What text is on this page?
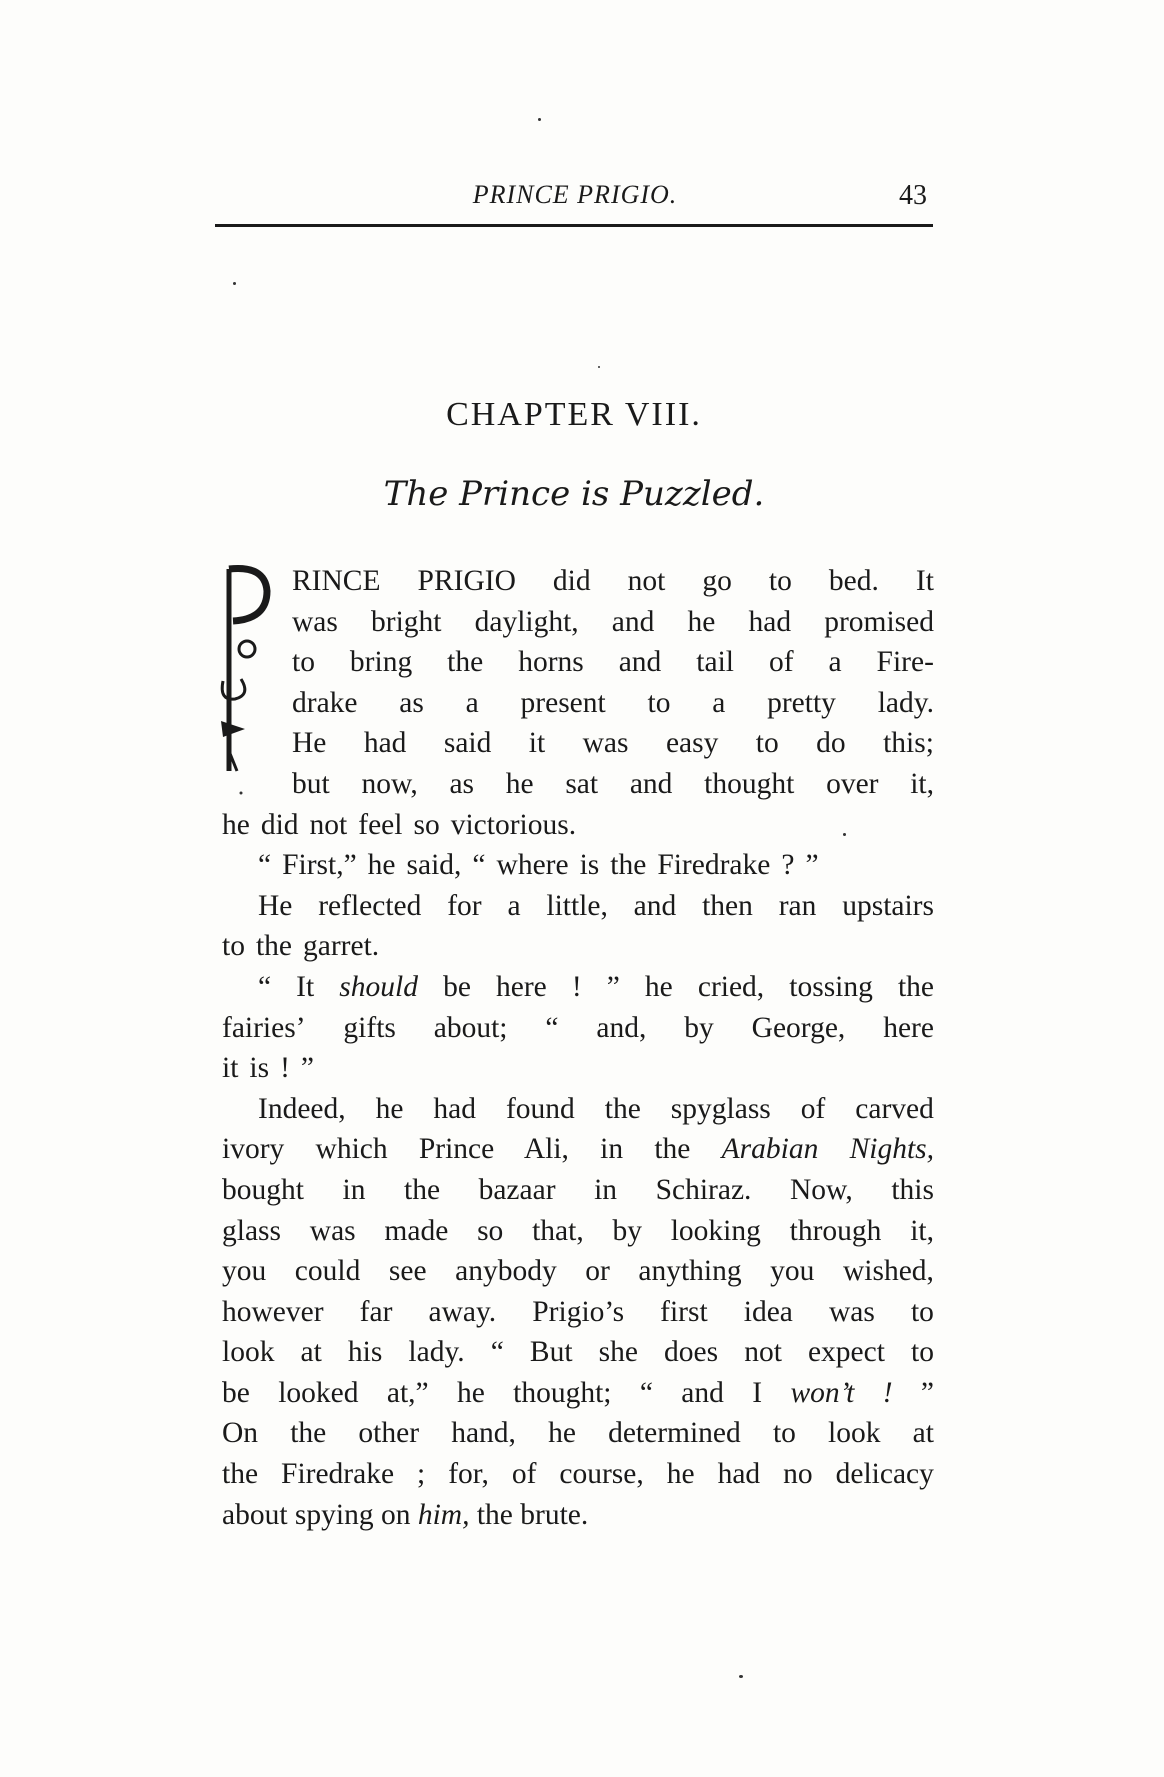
PRINCE PRIGIO.	43
CHAPTER VIII.
The Prince is Puzzled.
RINCE PRIGIO did not go to bed. It
was bright daylight, and he had promised
to bring the horns and tail of a Fire-
drake as a present to a pretty lady.
He had said it was easy to do this;
but now, as he sat and thought over it,
he did not feel so victorious.
“ First,” he said, “ where is the Firedrake ? ”
He reflected for a little, and then ran upstairs
to the garret.
“ It should be here ! ” he cried, tossing the
fairies’ gifts about; “ and, by George, here
it is ! ”
Indeed, he had found the spyglass of carved
ivory which Prince Ali, in the Arabian Nights,
bought in the bazaar in Schiraz. Now, this
glass was made so that, by looking through it,
you could see anybody or anything you wished,
however far away. Prigio’s first idea was to
look at his lady. “ But she does not expect to
be looked at,” he thought; “ and I won’t ! ”
On the other hand, he determined to look at
the Firedrake ; for, of course, he had no delicacy
about spying on him, the brute.
